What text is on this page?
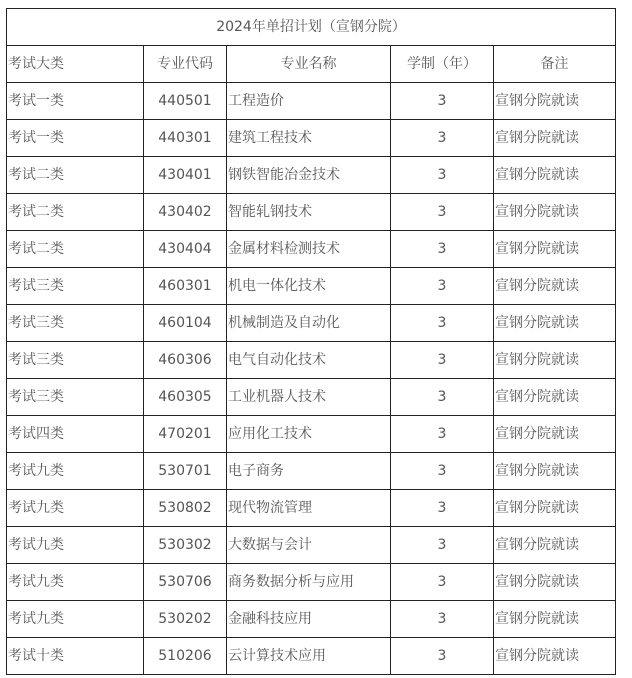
2024年单招计划（宣钢分院）				
考试大类	专业代码	专业名称	学制（年）	备注
考试一类	440501	工程造价	3	宣钢分院就读
考试一类	440301	建筑工程技术	3	宣钢分院就读
考试二类	430401	钢铁智能冶金技术	3	宣钢分院就读
考试二类	430402	智能轧钢技术	3	宣钢分院就读
考试二类	430404	金属材料检测技术	3	宣钢分院就读
考试三类	460301	机电一体化技术	3	宣钢分院就读
考试三类	460104	机械制造及自动化	3	宣钢分院就读
考试三类	460306	电气自动化技术	3	宣钢分院就读
考试三类	460305	工业机器人技术	3	宣钢分院就读
考试四类	470201	应用化工技术	3	宣钢分院就读
考试九类	530701	电子商务	3	宣钢分院就读
考试九类	530802	现代物流管理	3	宣钢分院就读
考试九类	530302	大数据与会计	3	宣钢分院就读
考试九类	530706	商务数据分析与应用	3	宣钢分院就读
考试九类	530202	金融科技应用	3	宣钢分院就读
考试十类	510206	云计算技术应用	3	宣钢分院就读
